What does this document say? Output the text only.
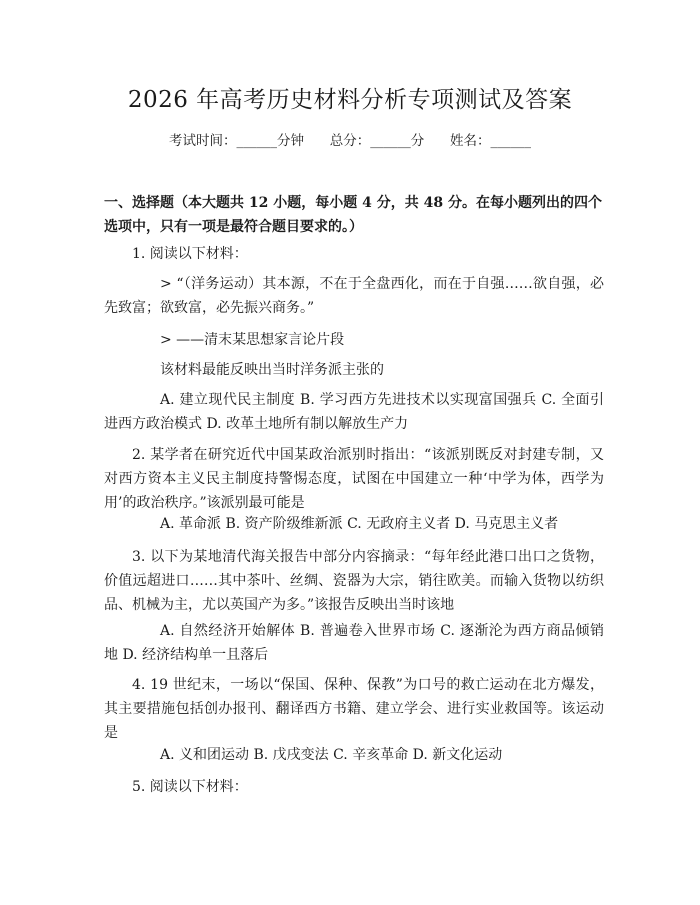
2026 年高考历史材料分析专项测试及答案
考试时间：______分钟      总分：______分      姓名：______
一、选择题（本大题共 12 小题，每小题 4 分，共 48 分。在每小题列出的四个选项中，只有一项是最符合题目要求的。）
1. 阅读以下材料：
> “（洋务运动）其本源，不在于全盘西化，而在于自强……欲自强，必先致富；欲致富，必先振兴商务。”
> ——清末某思想家言论片段
该材料最能反映出当时洋务派主张的
A. 建立现代民主制度 B. 学习西方先进技术以实现富国强兵 C. 全面引进西方政治模式 D. 改革土地所有制以解放生产力
2. 某学者在研究近代中国某政治派别时指出：“该派别既反对封建专制，又对西方资本主义民主制度持警惕态度，试图在中国建立一种‘中学为体，西学为用’的政治秩序。”该派别最可能是
A. 革命派 B. 资产阶级维新派 C. 无政府主义者 D. 马克思主义者
3. 以下为某地清代海关报告中部分内容摘录：“每年经此港口出口之货物，价值远超进口……其中茶叶、丝绸、瓷器为大宗，销往欧美。而输入货物以纺织品、机械为主，尤以英国产为多。”该报告反映出当时该地
A. 自然经济开始解体 B. 普遍卷入世界市场 C. 逐渐沦为西方商品倾销地 D. 经济结构单一且落后
4. 19 世纪末，一场以“保国、保种、保教”为口号的救亡运动在北方爆发，其主要措施包括创办报刊、翻译西方书籍、建立学会、进行实业救国等。该运动是
A. 义和团运动 B. 戊戌变法 C. 辛亥革命 D. 新文化运动
5. 阅读以下材料：
